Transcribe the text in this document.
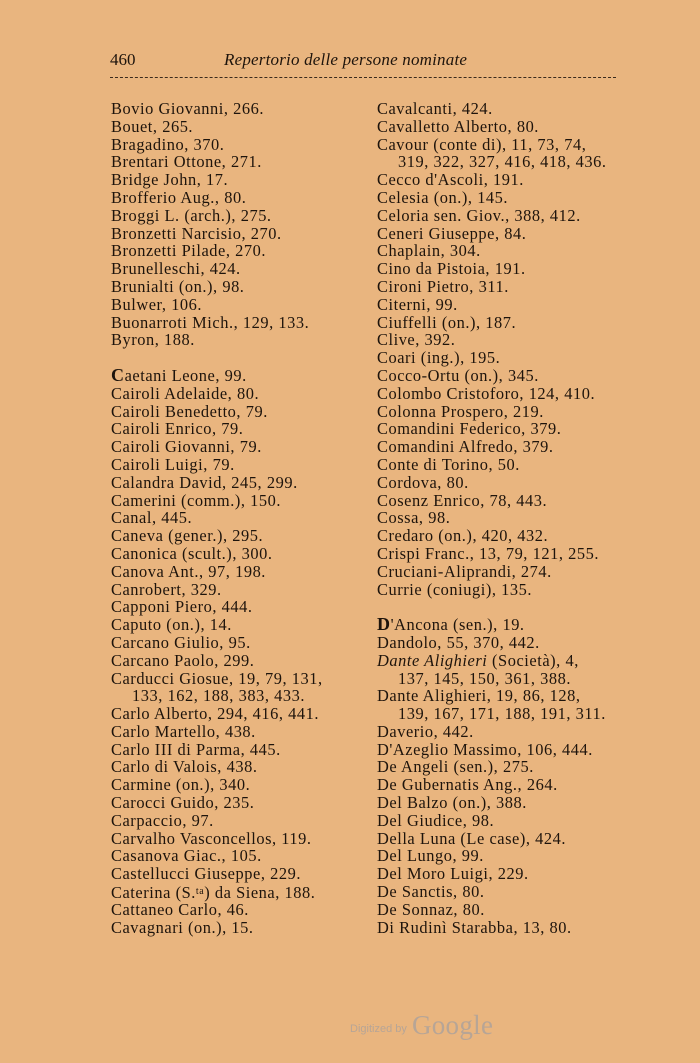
460	Repertorio delle persone nominate
Bovio Giovanni, 266.
Bouet, 265.
Bragadino, 370.
Brentari Ottone, 271.
Bridge John, 17.
Brofferio Aug., 80.
Broggi L. (arch.), 275.
Bronzetti Narcisio, 270.
Bronzetti Pilade, 270.
Brunelleschi, 424.
Brunialti (on.), 98.
Bulwer, 106.
Buonarroti Mich., 129, 133.
Byron, 188.
Caetani Leone, 99.
Cairoli Adelaide, 80.
Cairoli Benedetto, 79.
Cairoli Enrico, 79.
Cairoli Giovanni, 79.
Cairoli Luigi, 79.
Calandra David, 245, 299.
Camerini (comm.), 150.
Canal, 445.
Caneva (gener.), 295.
Canonica (scult.), 300.
Canova Ant., 97, 198.
Canrobert, 329.
Capponi Piero, 444.
Caputo (on.), 14.
Carcano Giulio, 95.
Carcano Paolo, 299.
Carducci Giosue, 19, 79, 131,
133, 162, 188, 383, 433.
Carlo Alberto, 294, 416, 441.
Carlo Martello, 438.
Carlo III di Parma, 445.
Carlo di Valois, 438.
Carmine (on.), 340.
Carocci Guido, 235.
Carpaccio, 97.
Carvalho Vasconcellos, 119.
Casanova Giac., 105.
Castellucci Giuseppe, 229.
Caterina (S.$^{ta}$) da Siena, 188.
Cattaneo Carlo, 46.
Cavagnari (on.), 15.
Cavalcanti, 424.
Cavalletto Alberto, 80.
Cavour (conte di), 11, 73, 74,
319, 322, 327, 416, 418, 436.
Cecco d'Ascoli, 191.
Celesia (on.), 145.
Celoria sen. Giov., 388, 412.
Ceneri Giuseppe, 84.
Chaplain, 304.
Cino da Pistoia, 191.
Cironi Pietro, 311.
Citerni, 99.
Ciuffelli (on.), 187.
Clive, 392.
Coari (ing.), 195.
Cocco-Ortu (on.), 345.
Colombo Cristoforo, 124, 410.
Colonna Prospero, 219.
Comandini Federico, 379.
Comandini Alfredo, 379.
Conte di Torino, 50.
Cordova, 80.
Cosenz Enrico, 78, 443.
Cossa, 98.
Credaro (on.), 420, 432.
Crispi Franc., 13, 79, 121, 255.
Cruciani-Aliprandi, 274.
Currie (coniugi), 135.
D'Ancona (sen.), 19.
Dandolo, 55, 370, 442.
Dante Alighieri (Società), 4,
137, 145, 150, 361, 388.
Dante Alighieri, 19, 86, 128,
139, 167, 171, 188, 191, 311.
Daverio, 442.
D'Azeglio Massimo, 106, 444.
De Angeli (sen.), 275.
De Gubernatis Ang., 264.
Del Balzo (on.), 388.
Del Giudice, 98.
Della Luna (Le case), 424.
Del Lungo, 99.
Del Moro Luigi, 229.
De Sanctis, 80.
De Sonnaz, 80.
Di Rudinì Starabba, 13, 80.
Digitized by Google
